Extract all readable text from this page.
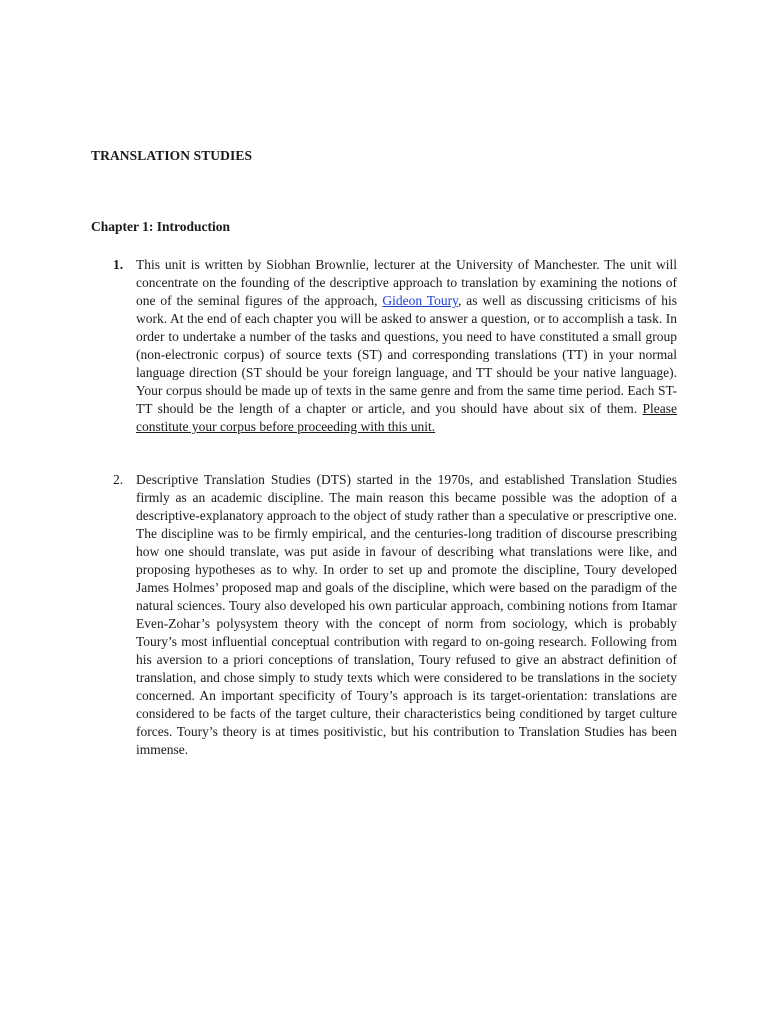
TRANSLATION STUDIES
Chapter 1: Introduction
1. This unit is written by Siobhan Brownlie, lecturer at the University of Manchester. The unit will concentrate on the founding of the descriptive approach to translation by examining the notions of one of the seminal figures of the approach, Gideon Toury, as well as discussing criticisms of his work. At the end of each chapter you will be asked to answer a question, or to accomplish a task. In order to undertake a number of the tasks and questions, you need to have constituted a small group (non-electronic corpus) of source texts (ST) and corresponding translations (TT) in your normal language direction (ST should be your foreign language, and TT should be your native language). Your corpus should be made up of texts in the same genre and from the same time period. Each ST-TT should be the length of a chapter or article, and you should have about six of them. Please constitute your corpus before proceeding with this unit.
2. Descriptive Translation Studies (DTS) started in the 1970s, and established Translation Studies firmly as an academic discipline. The main reason this became possible was the adoption of a descriptive-explanatory approach to the object of study rather than a speculative or prescriptive one. The discipline was to be firmly empirical, and the centuries-long tradition of discourse prescribing how one should translate, was put aside in favour of describing what translations were like, and proposing hypotheses as to why. In order to set up and promote the discipline, Toury developed James Holmes’ proposed map and goals of the discipline, which were based on the paradigm of the natural sciences. Toury also developed his own particular approach, combining notions from Itamar Even-Zohar’s polysystem theory with the concept of norm from sociology, which is probably Toury’s most influential conceptual contribution with regard to on-going research. Following from his aversion to a priori conceptions of translation, Toury refused to give an abstract definition of translation, and chose simply to study texts which were considered to be translations in the society concerned. An important specificity of Toury’s approach is its target-orientation: translations are considered to be facts of the target culture, their characteristics being conditioned by target culture forces. Toury’s theory is at times positivistic, but his contribution to Translation Studies has been immense.
